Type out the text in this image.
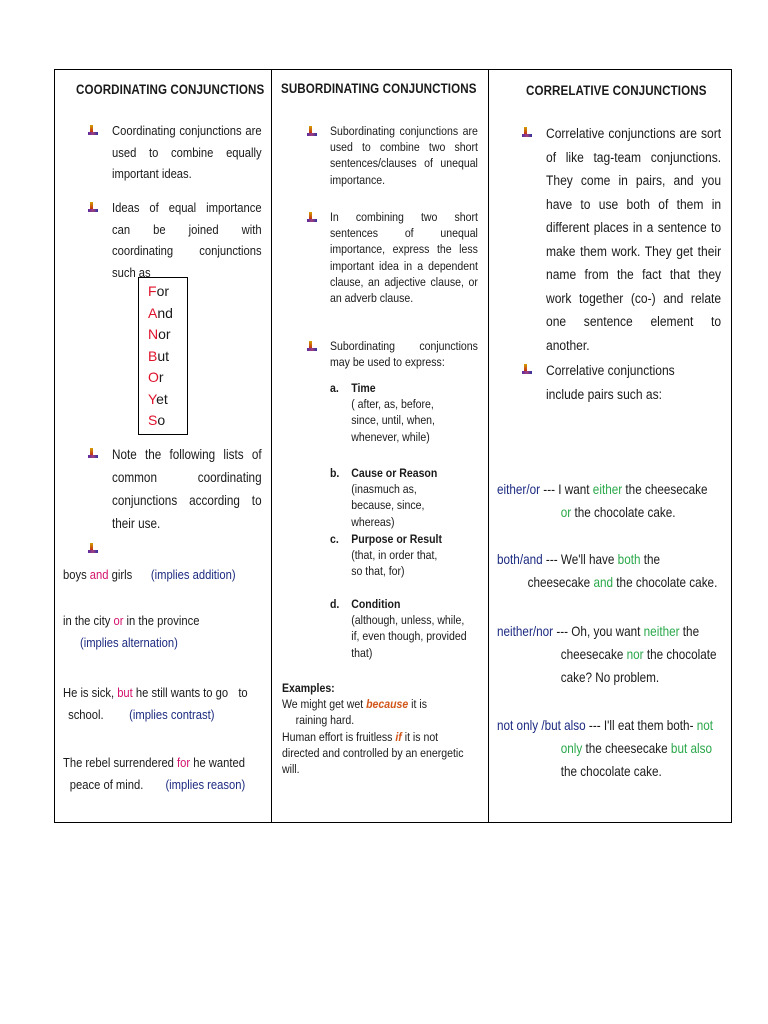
COORDINATING CONJUNCTIONS
Coordinating conjunctions are used to combine equally important ideas.
Ideas of equal importance can be joined with coordinating conjunctions such as
For
And
Nor
But
Or
Yet
So
Note the following lists of common coordinating conjunctions according to their use.
boys and girls (implies addition)
in the city or in the province
(implies alternation)
He is sick, but he still wants to go to
school. (implies contrast)
The rebel surrendered for he wanted
peace of mind. (implies reason)
SUBORDINATING CONJUNCTIONS
Subordinating conjunctions are used to combine two short sentences/clauses of unequal importance.
In combining two short sentences of unequal importance, express the less important idea in a dependent clause, an adjective clause, or an adverb clause.
Subordinating conjunctions may be used to express:
a. Time
( after, as, before, since, until, when, whenever, while)
b. Cause or Reason
(inasmuch as, because, since, whereas)
c. Purpose or Result
(that, in order that, so that, for)
d. Condition
(although, unless, while, if, even though, provided that)
Examples:
We might get wet because it is
raining hard.
Human effort is fruitless if it is not
directed and controlled by an energetic
will.
CORRELATIVE CONJUNCTIONS
Correlative conjunctions are sort of like tag-team conjunctions. They come in pairs, and you have to use both of them in different places in a sentence to make them work. They get their name from the fact that they work together (co-) and relate one sentence element to another.
Correlative conjunctions include pairs such as:
either/or --- I want either the cheesecake
or the chocolate cake.
both/and --- We'll have both the
cheesecake and the chocolate cake.
neither/nor --- Oh, you want neither the
cheesecake nor the chocolate
cake? No problem.
not only /but also --- I'll eat them both- not
only the cheesecake but also
the chocolate cake.
